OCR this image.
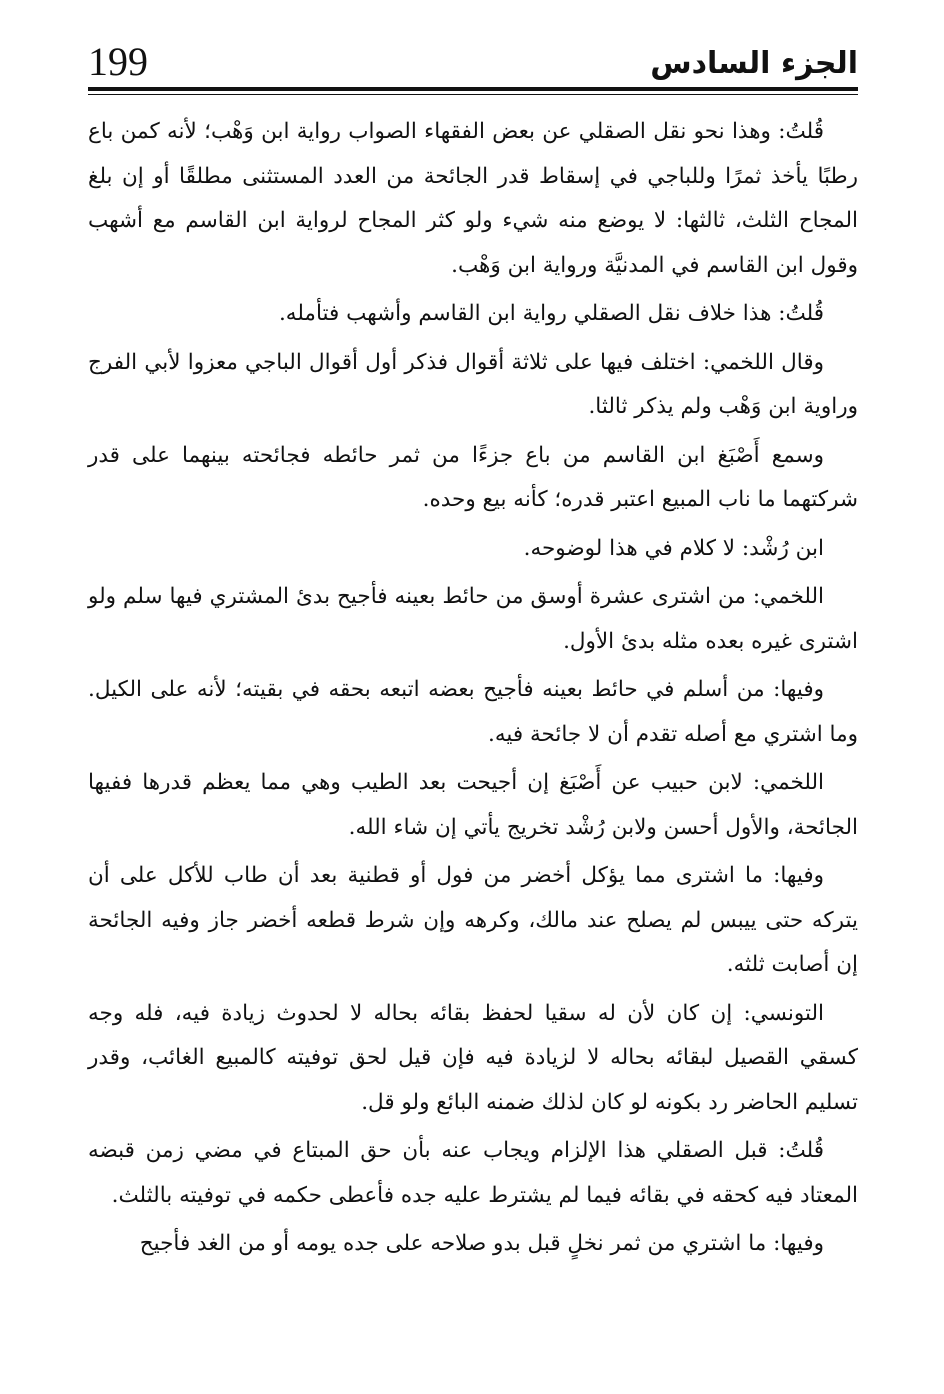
199	الجزء السادس

قُلتُ: وهذا نحو نقل الصقلي عن بعض الفقهاء الصواب رواية ابن وَهْب؛ لأنه كمن باع رطبًا يأخذ ثمرًا وللباجي في إسقاط قدر الجائحة من العدد المستثنى مطلقًا أو إن بلغ المجاح الثلث، ثالثها: لا يوضع منه شيء ولو كثر المجاح لرواية ابن القاسم مع أشهب وقول ابن القاسم في المدنيَّة ورواية ابن وَهْب.

قُلتُ: هذا خلاف نقل الصقلي رواية ابن القاسم وأشهب فتأمله.

وقال اللخمي: اختلف فيها على ثلاثة أقوال فذكر أول أقوال الباجي معزوا لأبي الفرج وراوية ابن وَهْب ولم يذكر ثالثا.

وسمع أَصْبَغ ابن القاسم من باع جزءًا من ثمر حائطه فجائحته بينهما على قدر شركتهما ما ناب المبيع اعتبر قدره؛ كأنه بيع وحده.

ابن رُشْد: لا كلام في هذا لوضوحه.

اللخمي: من اشترى عشرة أوسق من حائط بعينه فأجيح بدئ المشتري فيها سلم ولو اشترى غيره بعده مثله بدئ الأول.

وفيها: من أسلم في حائط بعينه فأجيح بعضه اتبعه بحقه في بقيته؛ لأنه على الكيل. وما اشتري مع أصله تقدم أن لا جائحة فيه.

اللخمي: لابن حبيب عن أَصْبَغ إن أجيحت بعد الطيب وهي مما يعظم قدرها ففيها الجائحة، والأول أحسن ولابن رُشْد تخريج يأتي إن شاء الله.

وفيها: ما اشترى مما يؤكل أخضر من فول أو قطنية بعد أن طاب للأكل على أن يتركه حتى ييبس لم يصلح عند مالك، وكرهه وإن شرط قطعه أخضر جاز وفيه الجائحة إن أصابت ثلثه.

التونسي: إن كان لأن له سقيا لحفظ بقائه بحاله لا لحدوث زيادة فيه، فله وجه كسقي القصيل لبقائه بحاله لا لزيادة فيه فإن قيل لحق توفيته كالمبيع الغائب، وقدر تسليم الحاضر رد بكونه لو كان لذلك ضمنه البائع ولو قل.

قُلتُ: قبل الصقلي هذا الإلزام ويجاب عنه بأن حق المبتاع في مضي زمن قبضه المعتاد فيه كحقه في بقائه فيما لم يشترط عليه جده فأعطى حكمه في توفيته بالثلث.

وفيها: ما اشتري من ثمر نخلٍ قبل بدو صلاحه على جده يومه أو من الغد فأجيح
